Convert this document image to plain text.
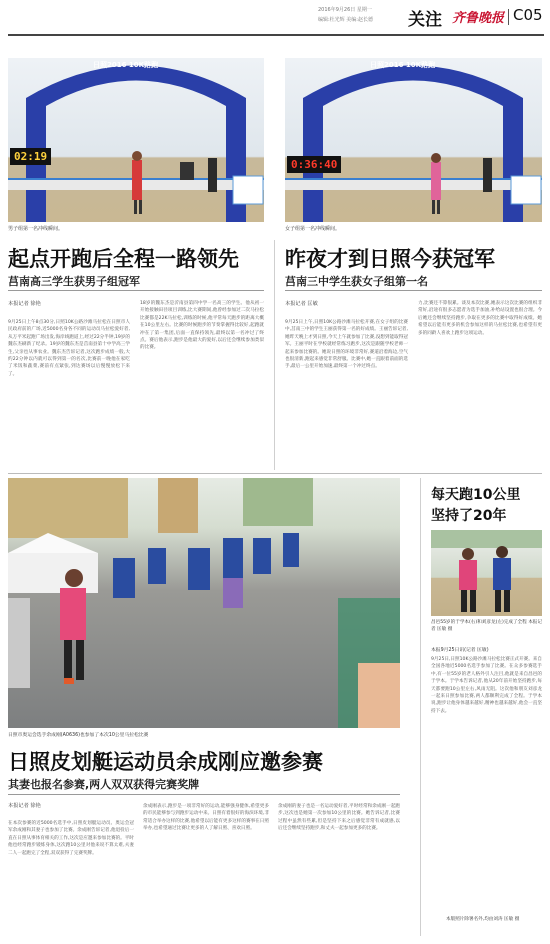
2016年9月26日 星期一
编辑:杜光辉 美编:赵长德 关注 齐鲁晚报 C05
日照2016 10K路跑
02:19
男子组第一名冲线瞬间。
日照2016 10K路跑
0:36:40
女子组第一名冲线瞬间。
起点开跑后全程一路领先
莒南高三学生获男子组冠军
本报记者 徐艳
9月25日上午8点30分,日照10K公路沙滩马拉松在日照市人民政府前的广场,近5000名身各不同的运动员马拉松爱好者,从万平米起跑广场出发,海岸线跑道上,经过22分半钟,19岁的魏东杰刷新了纪录。19岁的魏东杰是莒南县第十中学高三学生,父亲也从事农业。魏东杰告诉记者,这次跑步成绩一般,大约22分钟以内就可以得到第一的名次,比赛前一晚他在家吃了米饭和蔬菜,赛前有点紧张,到达赛场以后慢慢放松下来了。
18岁的魏东杰是沂南县第四中学一名高三的学生。他从初一开始接触田径项目训练,比大赛期间,他曾经参加过二次马拉松比赛都是22K马拉松,训练的时候,他平常每天跑步的距离大概在10公里左右。比赛的时候跑步的节奏掌握得比较好,起跑就冲在了第一集团,后面一直保持领先,最终以第一名冲过了终点。赛后他表示,跑步是他最大的爱好,以后还会继续参加类似的比赛。
昨夜才到日照今获冠军
莒南三中学生获女子组第一名
本报记者 匡敏
9月25日上午,日照10K公路沙滩马拉松开赛,在女子组的比赛中,莒南三中的学生王丽获得第一名的好成绩。王丽告诉记者,她昨天晚上才到日照,今天上午就参加了比赛,没想到能取得冠军。王丽平时在学校就经常练习跑步,这次是跟随学校老师一起来参加比赛的。她说日照的环境非常好,赛道沿着海边,空气也很清新,跑起来感觉非常舒服。比赛中,她一直跟着前面的选手,最后一公里开始加速,最终第一个冲过终点。
力,比赛还不算很累。谈及本次比赛,她表示这次比赛的组织非常好,沿途有很多志愿者为选手加油,补给站设置也很合理。今后她还会继续坚持跑步,争取在更多的比赛中取得好成绩。她希望以后能有更多的机会参加这样的马拉松比赛,也希望有更多的同龄人喜欢上跑步这项运动。
日照市奥运会选手余成刚(A0636)也参加了本次10公里马拉松比赛
日照皮划艇运动员余成刚应邀参赛
其妻也报名参赛,两人双双获得完赛奖牌
本报记者 徐艳
在本次参赛的近5000名选手中,日照皮划艇运动员、奥运会冠军余成刚和其妻子也参加了比赛。余成刚告诉记者,他退役后一直在日照从事体育相关的工作,这次是应邀来参加比赛的。平时他也经常跑步锻炼身体,这次跑10公里对他来说不算太难,夫妻二人一起跑完了全程,双双获得了完赛奖牌。
余成刚表示,跑步是一项非常好的运动,能够强身健体,希望更多的市民能够参与到跑步运动中来。日照有着很好的海滨环境,非常适合举办这样的比赛,他希望以后能有更多这样的赛事在日照举办,也希望通过比赛让更多的人了解日照、喜欢日照。
余成刚的妻子也是一名运动爱好者,平时经常和余成刚一起跑步,这次也是她第一次参加10公里的比赛。她告诉记者,比赛过程中虽然有些累,但是坚持下来之后感觉非常有成就感,以后还会继续坚持跑步,和丈夫一起参加更多的比赛。
每天跑10公里
坚持了20年
昌邑55岁的于学本(右)和刘彦龙(左)完成了全程 本报记者 匡敏 摄
本报9月25日讯(记者 匡敏)
9月25日,日照10K公路沙滩马拉松比赛正式开赛。来自全国各地近5000名选手参加了比赛。在众多参赛选手中,有一位55岁的老人格外引人注目,他就是来自昌邑的于学本。于学本告诉记者,他从20年前开始坚持跑步,每天都要跑10公里左右,风雨无阻。这次他和朋友刘彦龙一起来日照参加比赛,两人都顺利完成了全程。于学本说,跑步让他身体越来越好,精神也越来越好,他会一直坚持下去。
本版照片除署名外,均由刘涛 匡敏 摄
